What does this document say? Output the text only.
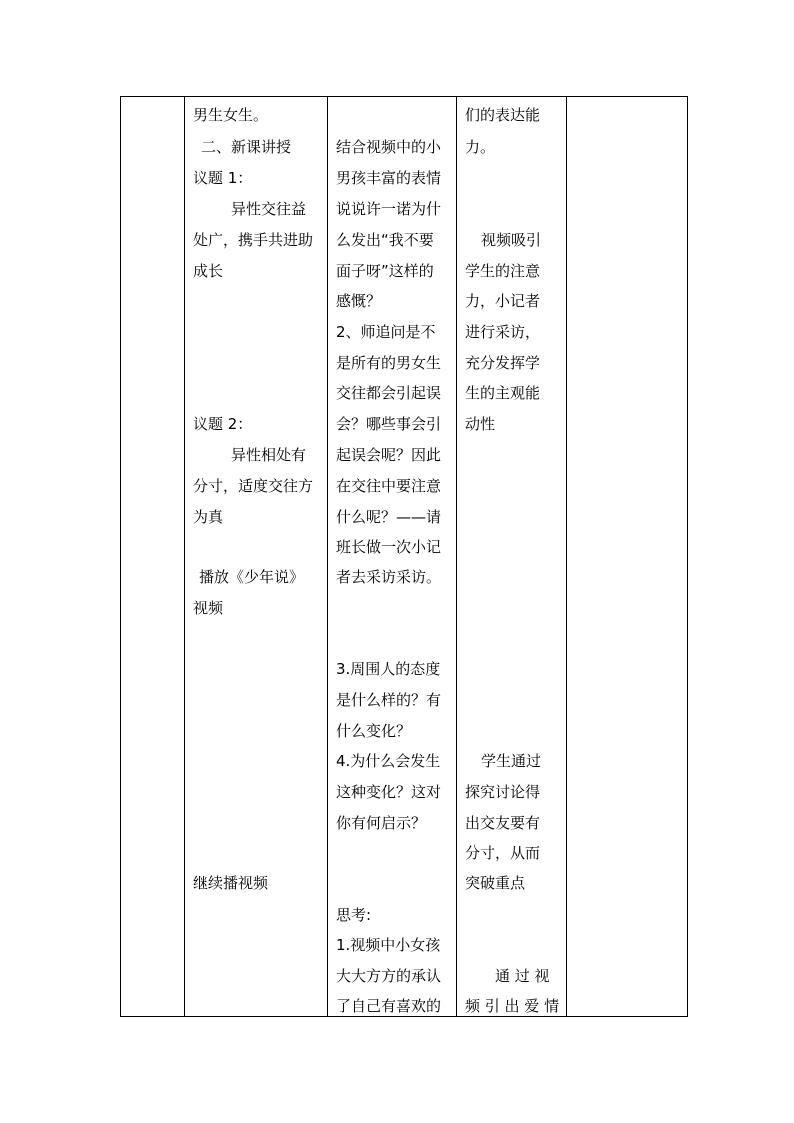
男生女生。
二、新课讲授
议题 1：
异性交往益
处广，携手共进助
成长
议题 2：
异性相处有
分寸，适度交往方
为真
播放《少年说》
视频
继续播视频
结合视频中的小
男孩丰富的表情
说说许一诺为什
么发出“我不要
面子呀”这样的
感慨？
2、师追问是不
是所有的男女生
交往都会引起误
会？哪些事会引
起误会呢？因此
在交往中要注意
什么呢？——请
班长做一次小记
者去采访采访。
3.周围人的态度
是什么样的？有
什么变化？
4.为什么会发生
这种变化？这对
你有何启示？
思考:
1.视频中小女孩
大大方方的承认
了自己有喜欢的
们的表达能
力。
视频吸引
学生的注意
力，小记者
进行采访，
充分发挥学
生的主观能
动性
学生通过
探究讨论得
出交友要有
分寸，从而
突破重点
通 过 视
频 引 出 爱 情
